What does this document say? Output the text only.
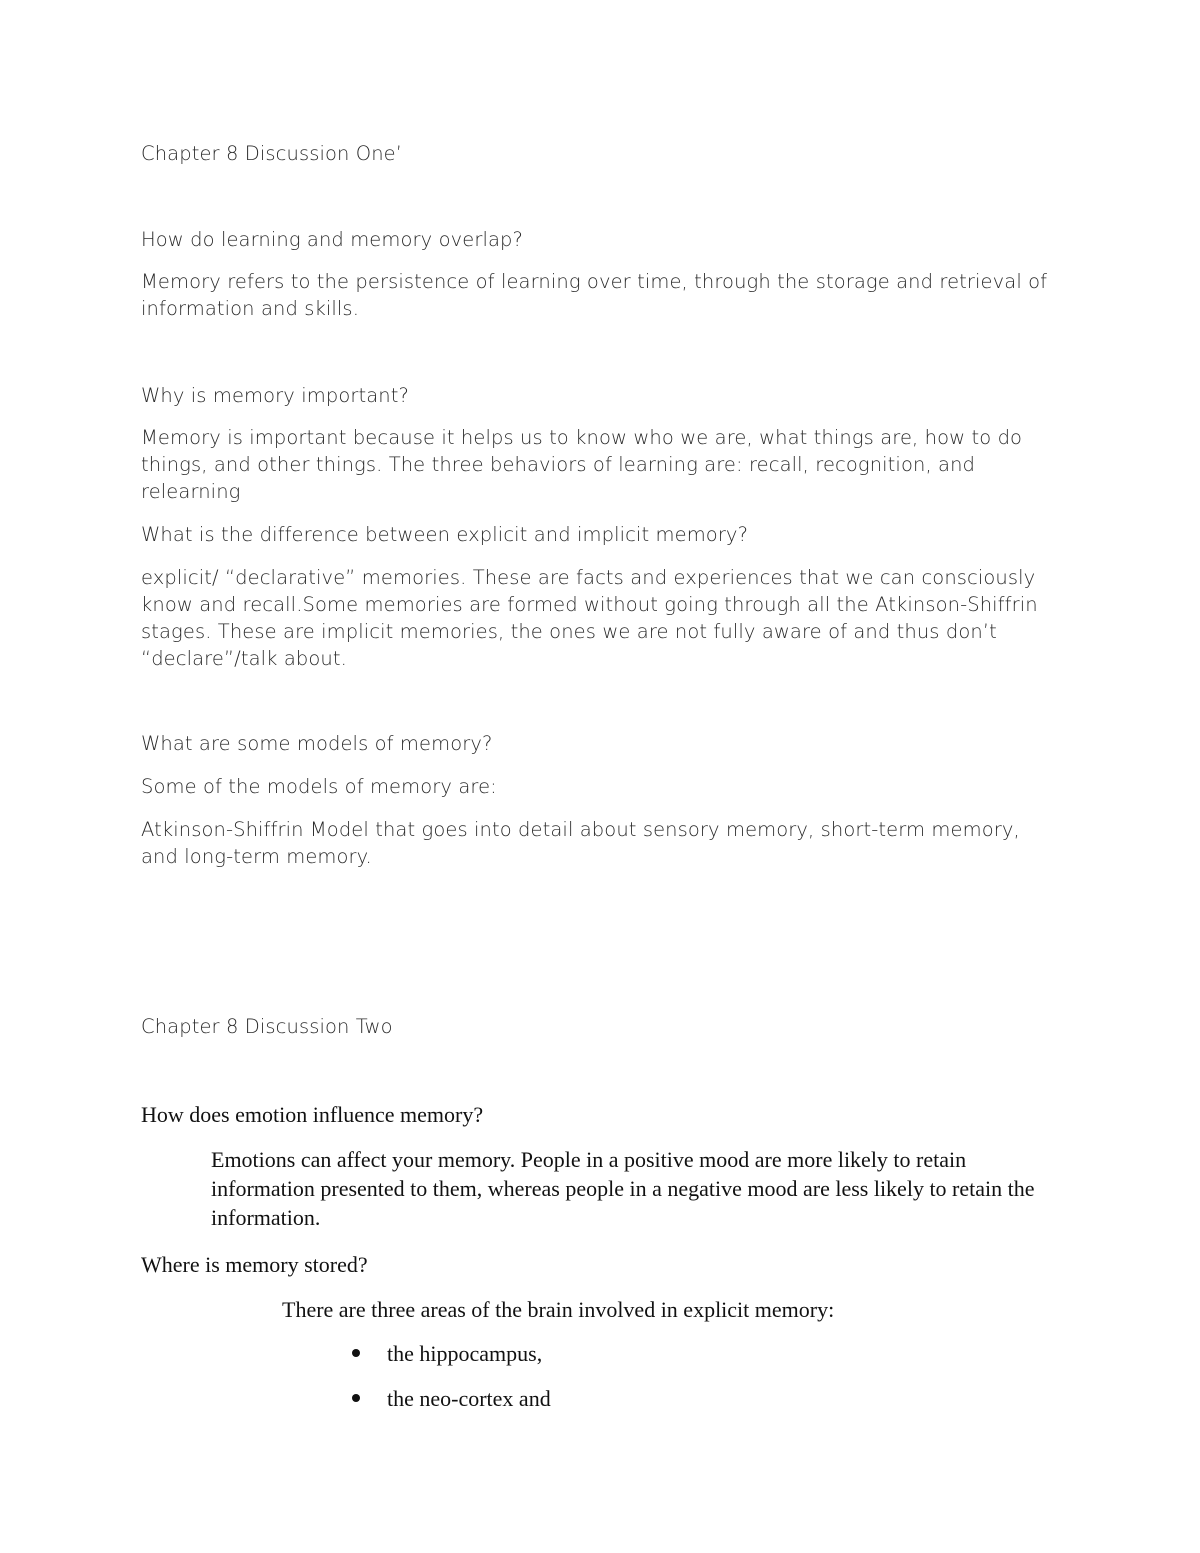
Chapter 8 Discussion One’

How do learning and memory overlap?

Memory refers to the persistence of learning over time, through the storage and retrieval of information and skills.

Why is memory important?

Memory is important because it helps us to know who we are, what things are, how to do things, and other things. The three behaviors of learning are: recall, recognition, and relearning

What is the difference between explicit and implicit memory?

explicit/ “declarative” memories. These are facts and experiences that we can consciously know and recall.Some memories are formed without going through all the Atkinson-Shiffrin stages. These are implicit memories, the ones we are not fully aware of and thus don’t “declare”/talk about.

What are some models of memory?

Some of the models of memory are:

Atkinson-Shiffrin Model that goes into detail about sensory memory, short-term memory, and long-term memory.

Chapter 8 Discussion Two

How does emotion influence memory?

Emotions can affect your memory. People in a positive mood are more likely to retain information presented to them, whereas people in a negative mood are less likely to retain the information.

Where is memory stored?

There are three areas of the brain involved in explicit memory:

the hippocampus,
the neo-cortex and
